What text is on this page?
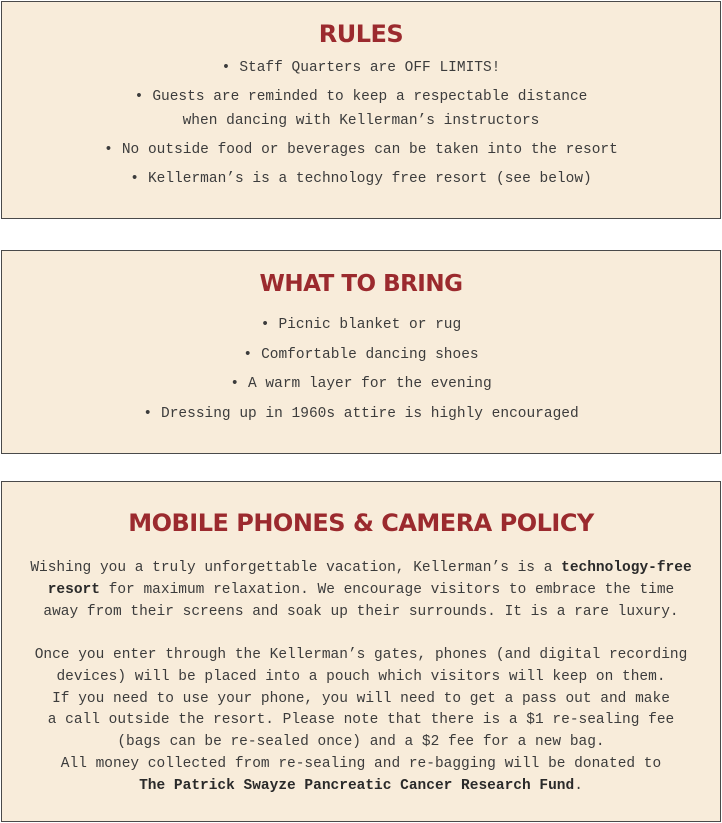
RULES
• Staff Quarters are OFF LIMITS!
• Guests are reminded to keep a respectable distance
when dancing with Kellerman’s instructors
• No outside food or beverages can be taken into the resort
• Kellerman’s is a technology free resort (see below)
WHAT TO BRING
• Picnic blanket or rug
• Comfortable dancing shoes
• A warm layer for the evening
• Dressing up in 1960s attire is highly encouraged
MOBILE PHONES & CAMERA POLICY

Wishing you a truly unforgettable vacation, Kellerman’s is a technology-free
resort for maximum relaxation. We encourage visitors to embrace the time
away from their screens and soak up their surrounds. It is a rare luxury.

Once you enter through the Kellerman’s gates, phones (and digital recording
devices) will be placed into a pouch which visitors will keep on them.
If you need to use your phone, you will need to get a pass out and make
a call outside the resort. Please note that there is a $1 re-sealing fee
(bags can be re-sealed once) and a $2 fee for a new bag.
All money collected from re-sealing and re-bagging will be donated to
The Patrick Swayze Pancreatic Cancer Research Fund.
